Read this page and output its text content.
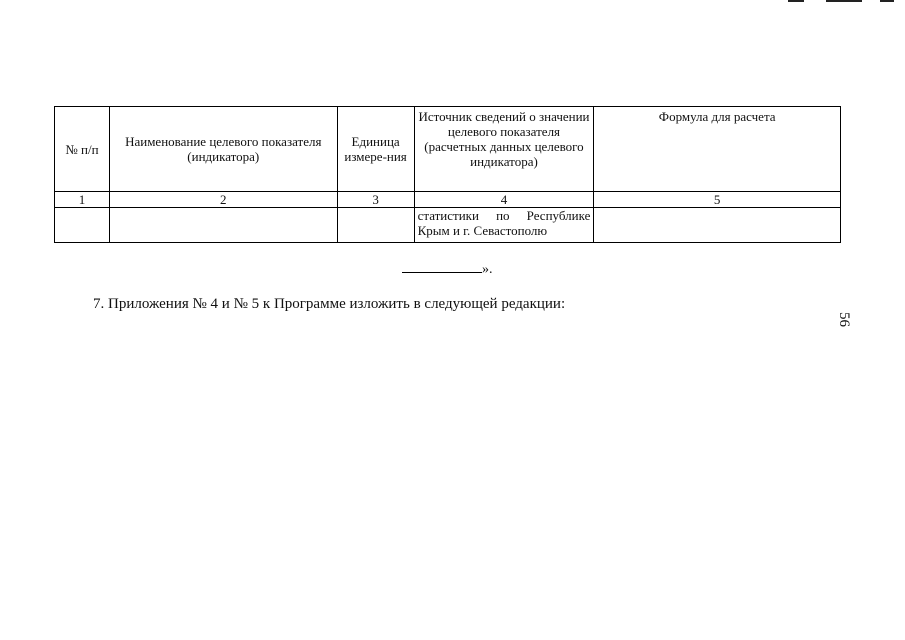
№ п/п	Наименование целевого показателя (индикатора)	Единица измере-ния	Источник сведений о значении целевого показателя (расчетных данных целевого индикатора)	Формула для расчета
1	2	3	4	5
			статистики по Республике Крым и г. Севастополю	
».
7. Приложения № 4 и № 5 к Программе изложить в следующей редакции:
56
